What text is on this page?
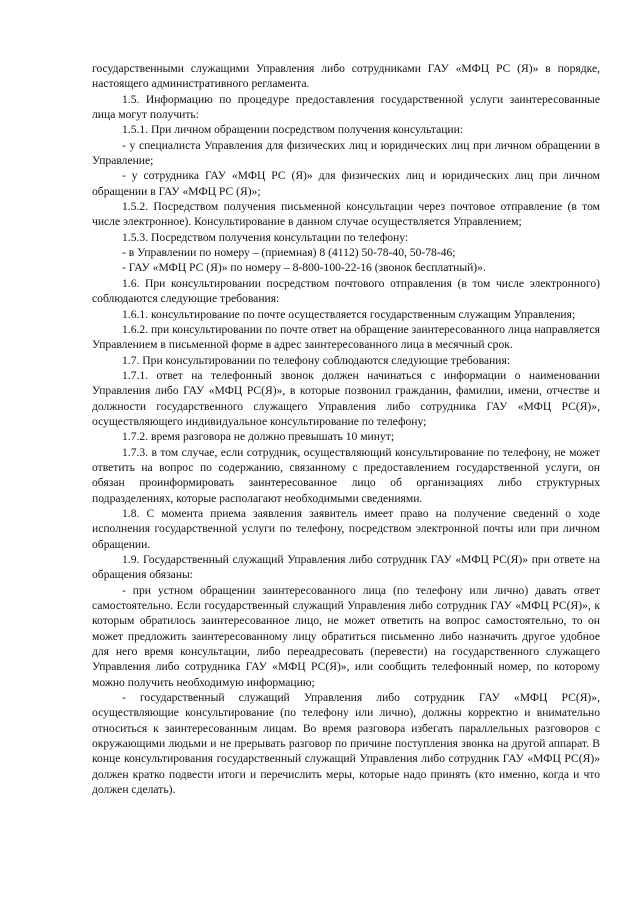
государственными служащими Управления либо сотрудниками ГАУ «МФЦ РС (Я)» в порядке, настоящего административного регламента.

1.5. Информацию по процедуре предоставления государственной услуги заинтересованные лица могут получить:

1.5.1. При личном обращении посредством получения консультации:

- у специалиста Управления для физических лиц и юридических лиц при личном обращении в Управление;

- у сотрудника ГАУ «МФЦ РС (Я)» для физических лиц и юридических лиц при личном обращении в ГАУ «МФЦ РС (Я)»;

1.5.2. Посредством получения письменной консультации через почтовое отправление (в том числе электронное). Консультирование в данном случае осуществляется Управлением;

1.5.3. Посредством получения консультации по телефону:

- в Управлении по номеру – (приемная) 8 (4112) 50-78-40, 50-78-46;

- ГАУ «МФЦ РС (Я)» по номеру – 8-800-100-22-16 (звонок бесплатный)».

1.6. При консультировании посредством почтового отправления (в том числе электронного) соблюдаются следующие требования:

1.6.1. консультирование по почте осуществляется государственным служащим Управления;

1.6.2. при консультировании по почте ответ на обращение заинтересованного лица направляется Управлением в письменной форме в адрес заинтересованного лица в месячный срок.

1.7. При консультировании по телефону соблюдаются следующие требования:

1.7.1. ответ на телефонный звонок должен начинаться с информации о наименовании Управления либо ГАУ «МФЦ РС(Я)», в которые позвонил гражданин, фамилии, имени, отчестве и должности государственного служащего Управления либо сотрудника ГАУ «МФЦ РС(Я)», осуществляющего индивидуальное консультирование по телефону;

1.7.2. время разговора не должно превышать 10 минут;

1.7.3. в том случае, если сотрудник, осуществляющий консультирование по телефону, не может ответить на вопрос по содержанию, связанному с предоставлением государственной услуги, он обязан проинформировать заинтересованное лицо об организациях либо структурных подразделениях, которые располагают необходимыми сведениями.

1.8. С момента приема заявления заявитель имеет право на получение сведений о ходе исполнения государственной услуги по телефону, посредством электронной почты или при личном обращении.

1.9. Государственный служащий Управления либо сотрудник ГАУ «МФЦ РС(Я)» при ответе на обращения обязаны:

- при устном обращении заинтересованного лица (по телефону или лично) давать ответ самостоятельно. Если государственный служащий Управления либо сотрудник ГАУ «МФЦ РС(Я)», к которым обратилось заинтересованное лицо, не может ответить на вопрос самостоятельно, то он может предложить заинтересованному лицу обратиться письменно либо назначить другое удобное для него время консультации, либо переадресовать (перевести) на государственного служащего Управления либо сотрудника ГАУ «МФЦ РС(Я)», или сообщить телефонный номер, по которому можно получить необходимую информацию;

- государственный служащий Управления либо сотрудник ГАУ «МФЦ РС(Я)», осуществляющие консультирование (по телефону или лично), должны корректно и внимательно относиться к заинтересованным лицам. Во время разговора избегать параллельных разговоров с окружающими людьми и не прерывать разговор по причине поступления звонка на другой аппарат. В конце консультирования государственный служащий Управления либо сотрудник ГАУ «МФЦ РС(Я)» должен кратко подвести итоги и перечислить меры, которые надо принять (кто именно, когда и что должен сделать).
